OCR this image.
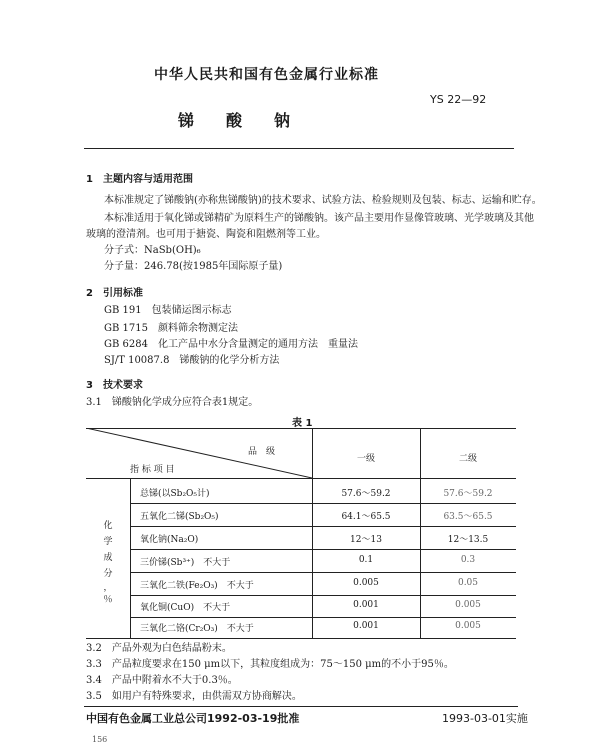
中华人民共和国有色金属行业标准
锑　　酸　　钠
YS 22—92
1　主题内容与适用范围
本标准规定了锑酸钠(亦称焦锑酸钠)的技术要求、试验方法、检验规则及包装、标志、运输和贮存。
本标准适用于氧化锑或锑精矿为原料生产的锑酸钠。该产品主要用作显像管玻璃、光学玻璃及其他
玻璃的澄清剂。也可用于搪瓷、陶瓷和阻燃剂等工业。
分子式：NaSb(OH)₆
分子量：246.78(按1985年国际原子量)
2　引用标准
GB 191　包装储运图示标志
GB 1715　颜料筛余物测定法
GB 6284　化工产品中水分含量测定的通用方法　重量法
SJ/T 10087.8　锑酸钠的化学分析方法
3　技术要求
3.1　锑酸钠化学成分应符合表1规定。
表 1
品　级
指 标 项 目
一级	二级
化
学
成
分
，
％
总锑(以Sb₂O₅计)	57.6～59.2	57.6～59.2
五氧化二锑(Sb₂O₅)	64.1～65.5	63.5～65.5
氧化钠(Na₂O)	12～13	12～13.5
三价锑(Sb³⁺)　不大于	0.1	0.3
三氧化二铁(Fe₂O₃)　不大于	0.005	0.05
氧化铜(CuO)　不大于	0.001	0.005
三氧化二铬(Cr₂O₃)　不大于	0.001	0.005
3.2　产品外观为白色结晶粉末。
3.3　产品粒度要求在150 μm以下，其粒度组成为：75～150 μm的不小于95％。
3.4　产品中附着水不大于0.3％。
3.5　如用户有特殊要求，由供需双方协商解决。
中国有色金属工业总公司1992-03-19批准	1993-03-01实施
156
